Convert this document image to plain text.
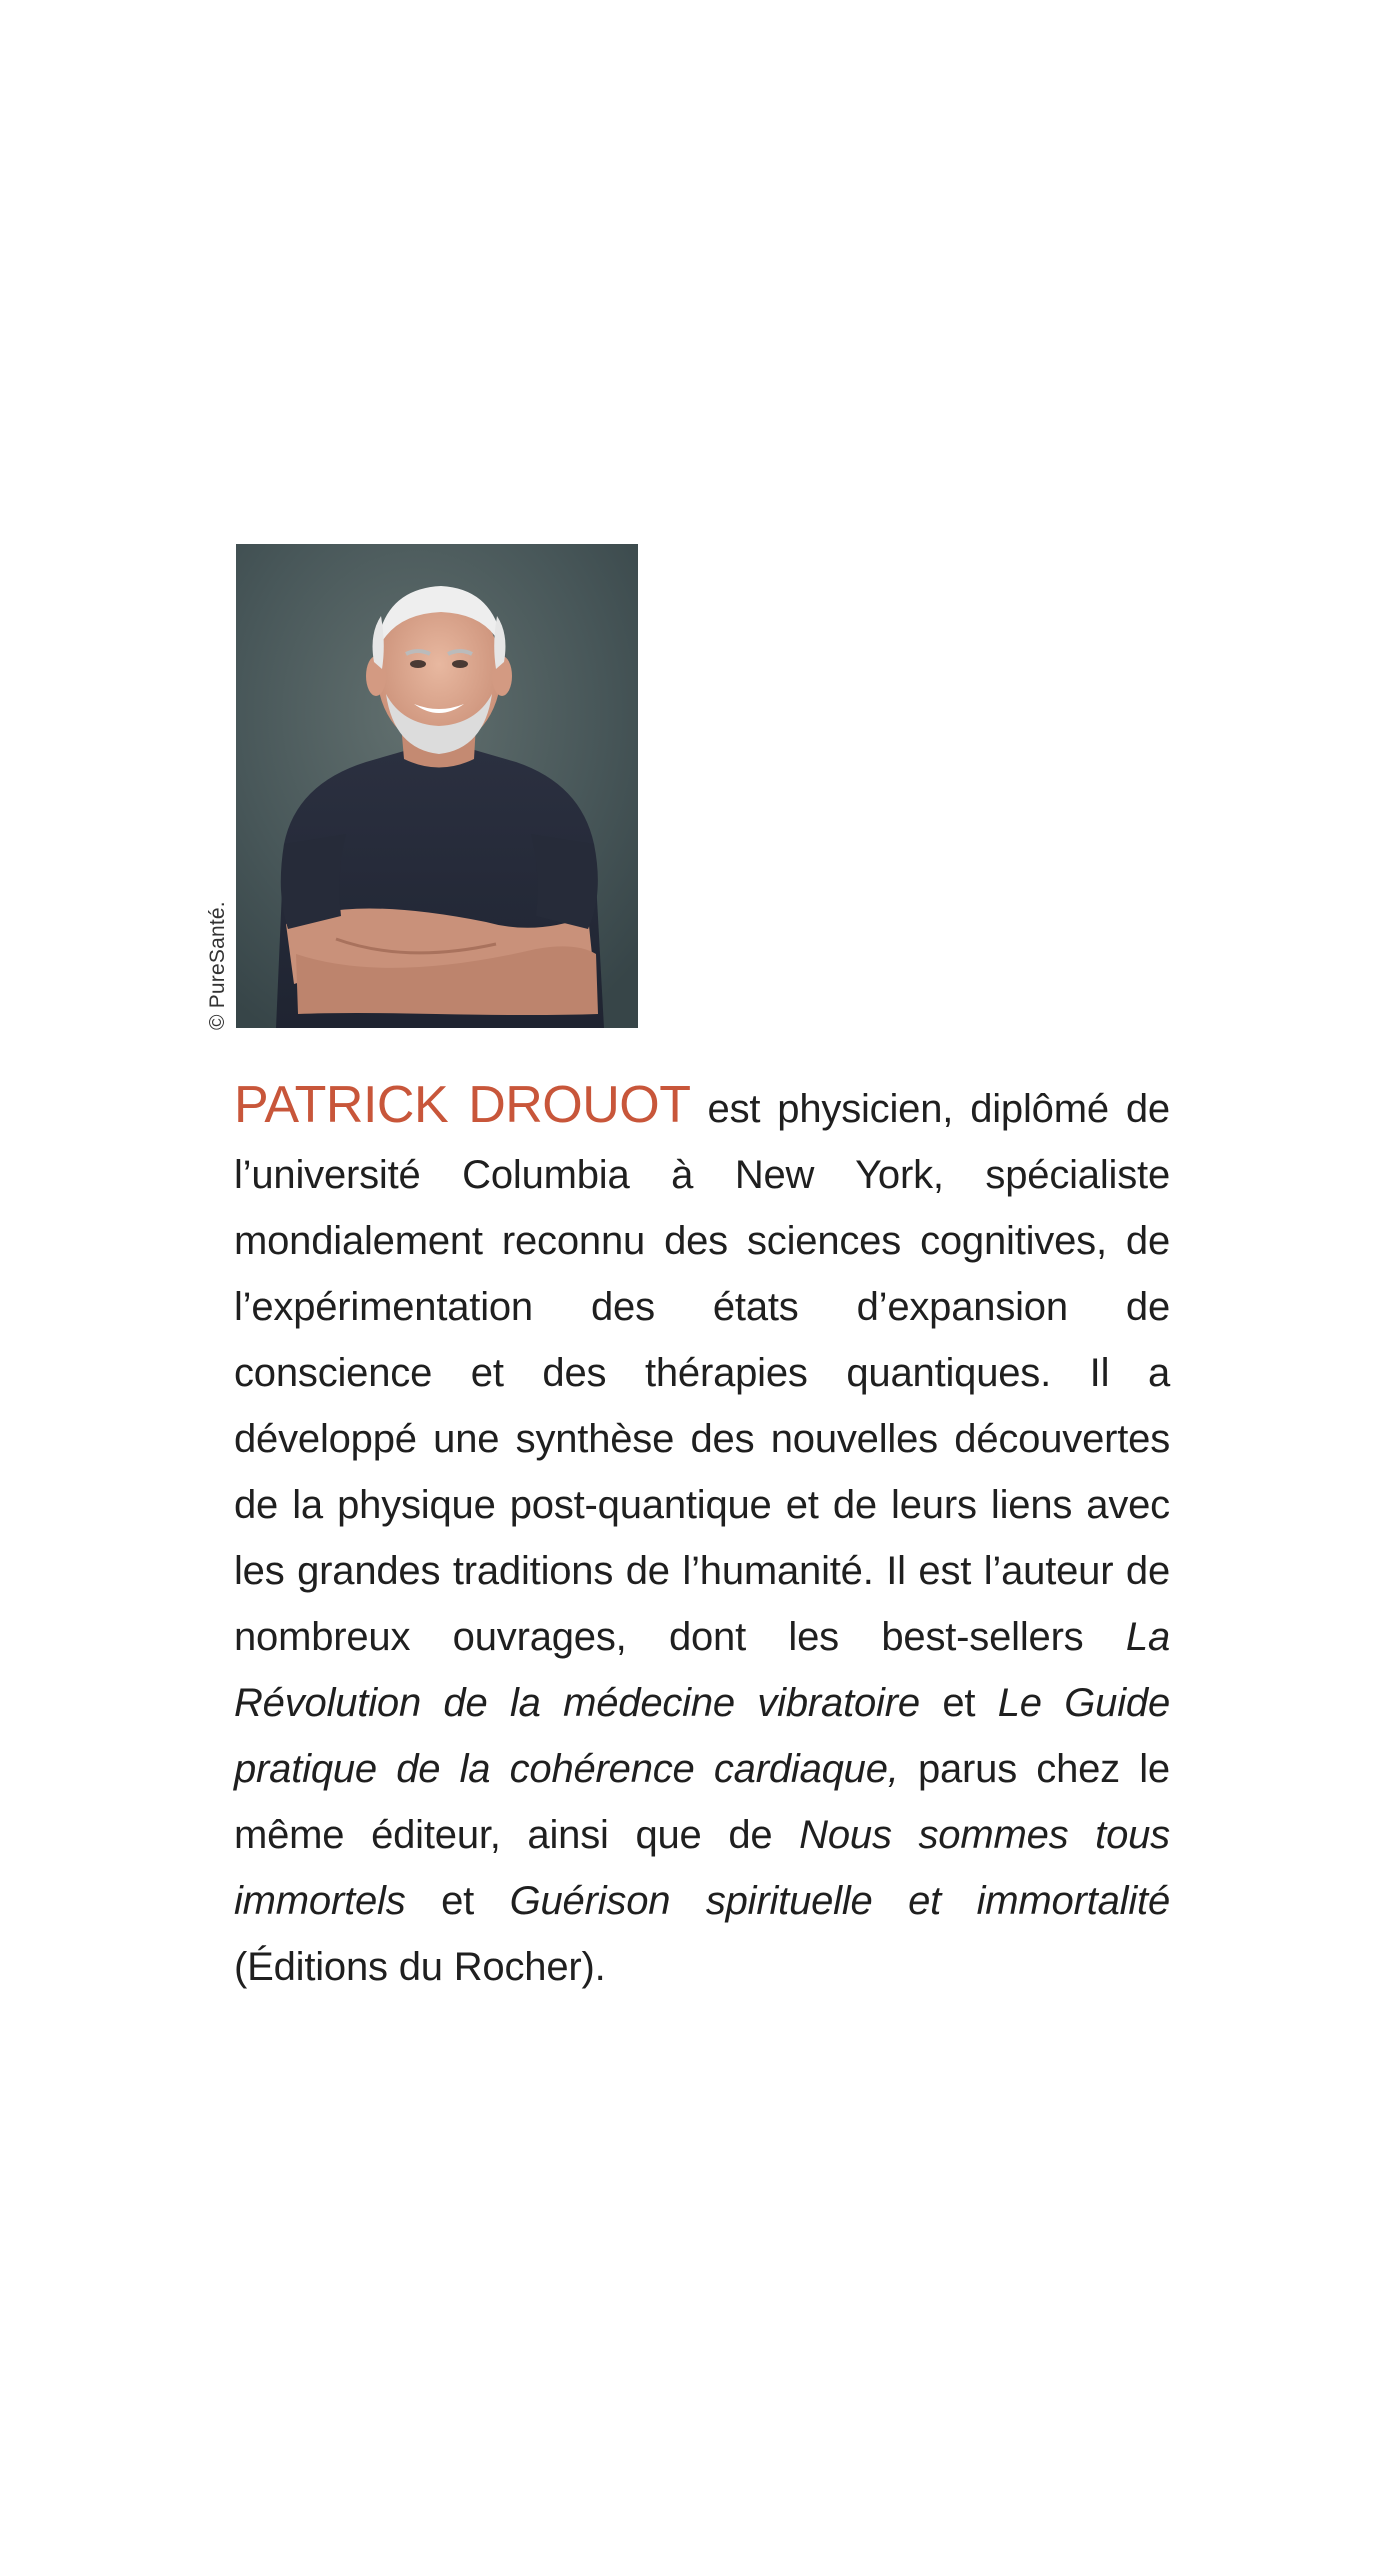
© PureSanté.

PATRICK DROUOT est physicien, diplômé de l’université Columbia à New York, spécialiste mondialement reconnu des sciences cognitives, de l’expérimentation des états d’expansion de conscience et des thérapies quantiques. Il a développé une synthèse des nouvelles découvertes de la physique post-quantique et de leurs liens avec les grandes traditions de l’humanité. Il est l’auteur de nombreux ouvrages, dont les best-sellers La Révolution de la médecine vibratoire et Le Guide pratique de la cohérence cardiaque, parus chez le même éditeur, ainsi que de Nous sommes tous immortels et Guérison spirituelle et immortalité (Éditions du Rocher).
